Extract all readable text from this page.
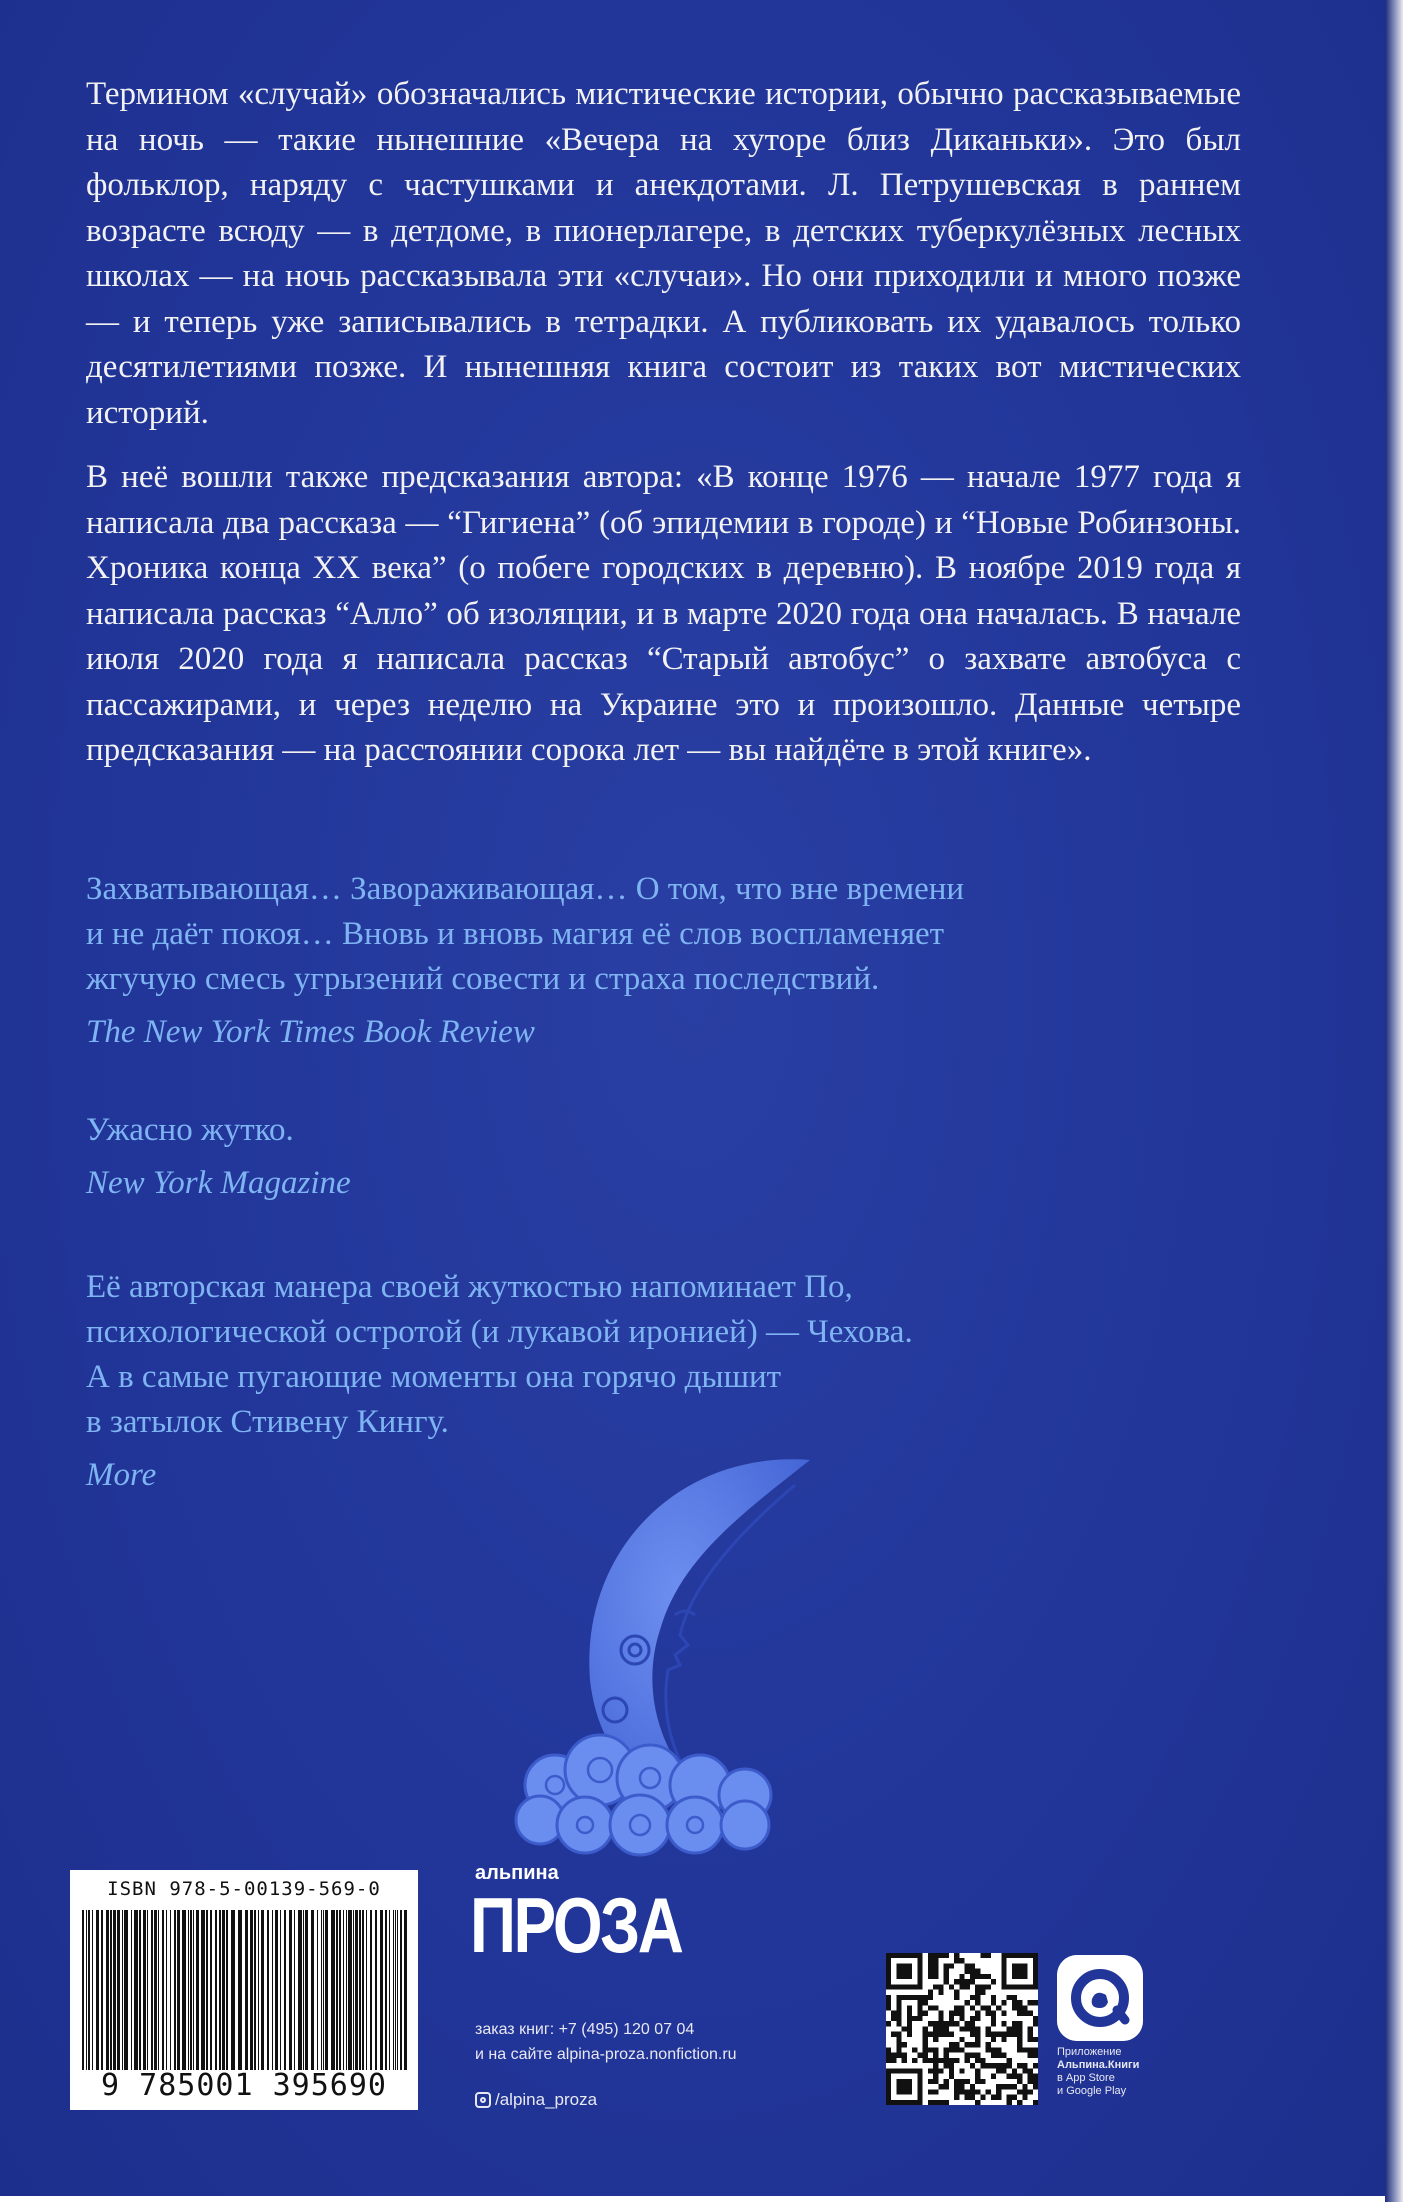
Термином «случай» обозначались мистические истории, обычно рассказываемые на ночь — такие нынешние «Вечера на хуторе близ Диканьки». Это был фольклор, наряду с частушками и анекдотами. Л. Петрушевская в раннем возрасте всюду — в детдоме, в пионерлагере, в детских туберкулёзных лесных школах — на ночь рассказывала эти «случаи». Но они приходили и много позже — и теперь уже записывались в тетрадки. А публиковать их удавалось только десятилетиями позже. И нынешняя книга состоит из таких вот мистических историй.

В неё вошли также предсказания автора: «В конце 1976 — начале 1977 года я написала два рассказа — “Гигиена” (об эпидемии в городе) и “Новые Робинзоны. Хроника конца XX века” (о побеге городских в деревню). В ноябре 2019 года я написала рассказ “Алло” об изоляции, и в марте 2020 года она началась. В начале июля 2020 года я написала рассказ “Старый автобус” о захвате автобуса с пассажирами, и через неделю на Украине это и произошло. Данные четыре предсказания — на расстоянии сорока лет — вы найдёте в этой книге».

Захватывающая… Завораживающая… О том, что вне времени
и не даёт покоя… Вновь и вновь магия её слов воспламеняет
жгучую смесь угрызений совести и страха последствий.
The New York Times Book Review
Ужасно жутко.
New York Magazine
Её авторская манера своей жуткостью напоминает По,
психологической остротой (и лукавой иронией) — Чехова.
А в самые пугающие моменты она горячо дышит
в затылок Стивену Кингу.
More
ISBN 978-5-00139-569-0
9 785001 395690
альпина
ПРОЗА
заказ книг: +7 (495) 120 07 04
и на сайте alpina-proza.nonfiction.ru
/alpina_proza
Приложение
Альпина.Книги
в App Store
и Google Play
